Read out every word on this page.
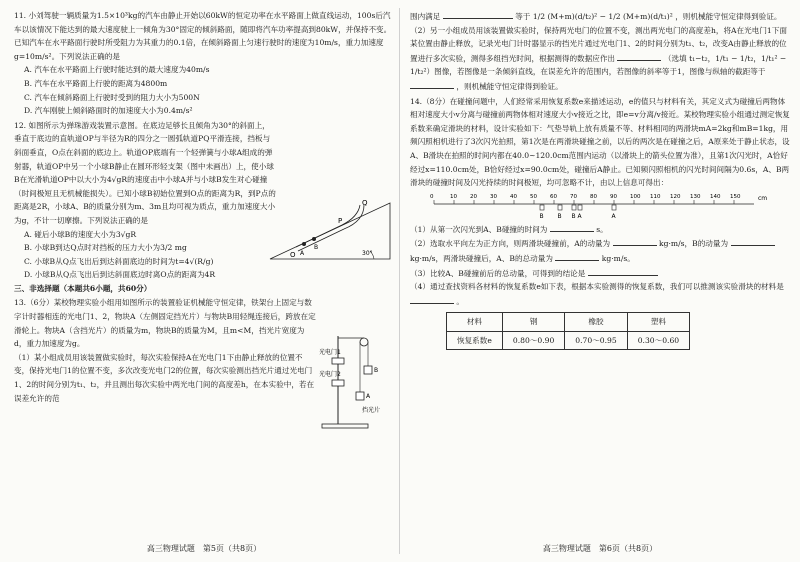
11. 小刘驾驶一辆质量为1.5×10³kg的汽车由静止开始以60kW的恒定功率在水平路面上做直线运动，100s后汽车以该情况下能达到的最大速度驶上一倾角为30°固定的倾斜路面，随即将汽车功率提高到80kW，并保持不变。已知汽车在水平路面行驶时所受阻力为其重力的0.1倍，在倾斜路面上匀速行驶时的速度为10m/s，重力加速度g=10m/s²。下列说法正确的是

A. 汽车在水平路面上行驶时能达到的最大速度为40m/s

B. 汽车在水平路面上行驶的距离为4800m

C. 汽车在倾斜路面上行驶时受到的阻力大小为500N

D. 汽车刚驶上倾斜路面时的加速度大小为0.4m/s²

12. 如图所示为弹珠游戏装置示意图。在底边足够长且倾角为30°的斜面上，垂直于底边的直轨道OP与半径为R的四分之一圆弧轨道PQ平滑连接，挡板与斜面垂直，O点在斜面的底边上。轨道OP底端有一个轻弹簧与小球A组成的弹射器，轨道OP中另一个小球B静止在圆环形轻支架（图中未画出）上，使小球B在光滑轨道OP中以大小为4√gR的速度击中小球A并与小球B发生对心碰撞（时间极短且无机械能损失）。已知小球B初始位置到O点的距离为R，到P点的距离是2R，小球A、B的质量分别为m、3m且均可视为质点，重力加速度大小为g，不计一切摩擦。下列说法正确的是	P
Q
O A
B
30°

A. 碰后小球B的速度大小为3√gR

B. 小球B到达Q点时对挡板的压力大小为3/2 mg

C. 小球B从Q点飞出后到达斜面底边的时间为t=4√(R/g)

D. 小球B从Q点飞出后到达斜面底边时离O点的距离为4R

三、非选择题（本题共6小题，共60分）

13.（6分）某校物理实验小组用如图所示的装置验证机械能守恒定律，铁架台上固定与数字计时器相连的光电门1、2，物块A（左侧固定挡光片）与物块B用轻绳连接后，跨放在定滑轮上。物块A（含挡光片）的质量为m，物块B的质量为M，且m<M，挡光片宽度为d，重力加速度为g。

（1）某小组成员用该装置做实验时，每次实验保持A在光电门1下由静止释放的位置不变，保持光电门1的位置不变，多次改变光电门2的位置，每次实验测出挡光片通过光电门1、2的时间分别为t₁、t₂，并且测出每次实验中两光电门间的高度差h，在本实验中，若在误差允许的范

光电门1
光电门2
B
A
挡光片
高三物理试题　第5页（共8页）

围内满足	等于 1/2 (M+m)(d/t₂)² − 1/2 (M+m)(d/t₁)² ，则机械能守恒定律得到验证。

（2）另一小组成员用该装置做实验时，保持两光电门的位置不变，测出两光电门的高度差h，将A在光电门1下面某位置由静止释放，记录光电门计时器显示的挡光片通过光电门1、2的时间分别为t₁、t₂，改变A由静止释放的位置进行多次实验，测得多组挡光时间，根据测得的数据应作出	（选填 t₁−t₂，1/t₁ − 1/t₂，1/t₁² − 1/t₂²）图像，若图像是一条倾斜直线，在误差允许的范围内，若图像的斜率等于1，图像与纵轴的截距等于  ，则机械能守恒定律得到验证。

14.（8分）在碰撞问题中，人们经常采用恢复系数e来描述运动，e的值只与材料有关，其定义式为碰撞后两物体相对速度大小v分离与碰撞前两物体相对速度大小v接近之比，即e=v分离/v接近。某校物理实验小组通过测定恢复系数来确定滑块的材料，设计实验如下：气垫导轨上放有质量不等、材料相同的两滑块mA=2kg和mB=1kg，用频闪照相机进行了3次闪光拍照，第1次是在两滑块碰撞之前，以后的两次是在碰撞之后，A原来处于静止状态，设A、B滑块在拍照的时间内都在40.0~120.0cm范围内运动（以滑块上的箭头位置为准），且第1次闪光时，A恰好经过x=110.0cm处，B恰好经过x=90.0cm处，碰撞后A静止。已知频闪照相机的闪光时间间隔为0.6s，A、B两滑块的碰撞时间及闪光持续的时间极短，均可忽略不计，由以上信息可得出：

0	10 20 30 40 50 60 70 80 90 100 110 120 130 140 150
B B	A
B	A
cm

（1）从第一次闪光到A、B碰撞的时间为	s。

（2）选取水平向左为正方向，则两滑块碰撞前，A的动量为	kg·m/s，B的动量为  kg·m/s，两滑块碰撞后，A、B的总动量为	kg·m/s。

（3）比较A、B碰撞前后的总动量，可得到的结论是

（4）通过查找资料各材料的恢复系数e如下表，根据本实验测得的恢复系数，我们可以推测该实验滑块的材料是  。

材料	钢	橡胶	塑料
恢复系数e	0.80～0.90	0.70～0.95	0.30～0.60
高三物理试题　第6页（共8页）
